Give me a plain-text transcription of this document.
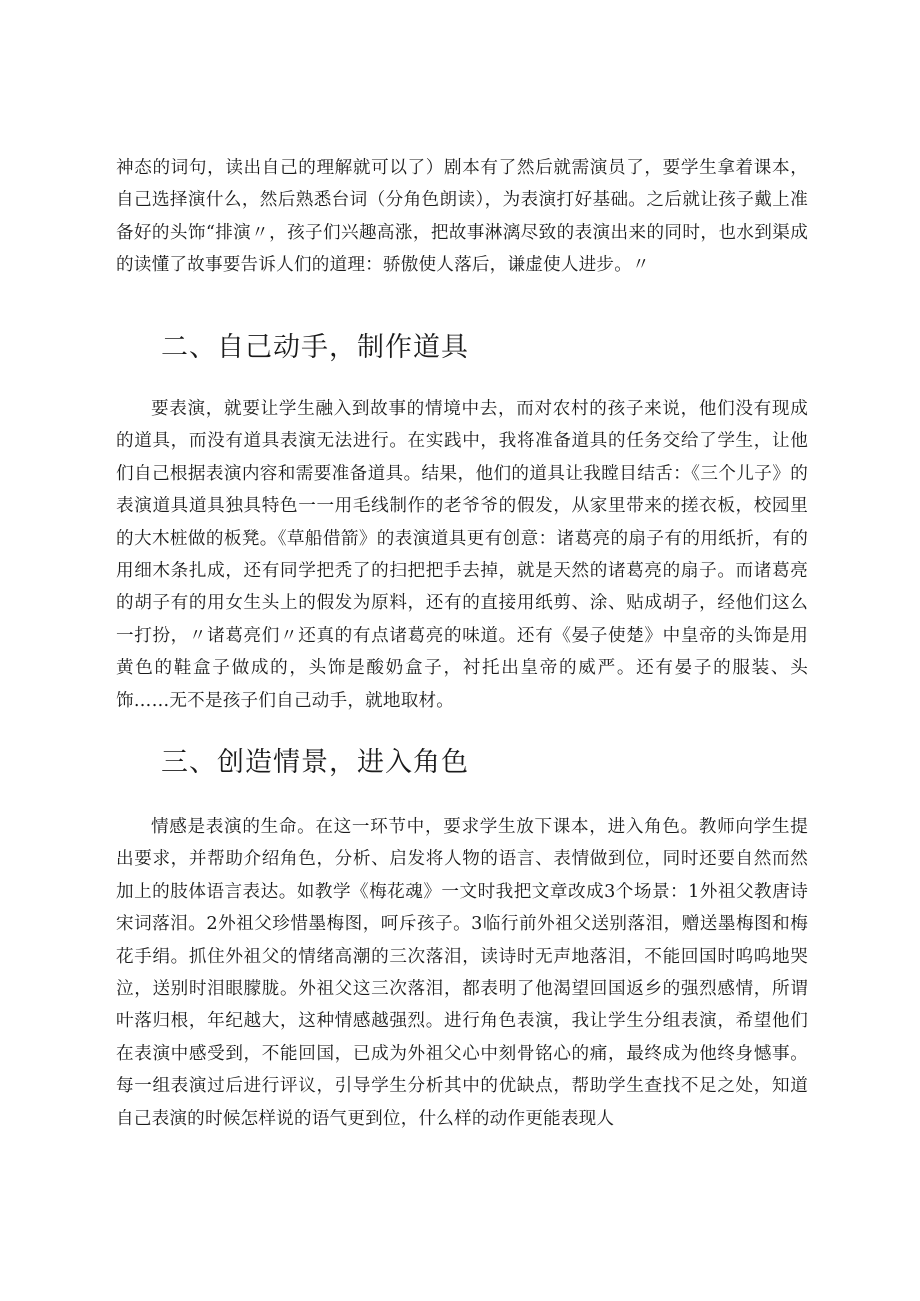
神态的词句，读出自己的理解就可以了）剧本有了然后就需演员了，要学生拿着课本，自己选择演什么，然后熟悉台词（分角色朗读），为表演打好基础。之后就让孩子戴上准备好的头饰“排演〃，孩子们兴趣高涨，把故事淋漓尽致的表演出来的同时，也水到渠成的读懂了故事要告诉人们的道理：骄傲使人落后，谦虚使人进步。〃

二、自己动手，制作道具

要表演，就要让学生融入到故事的情境中去，而对农村的孩子来说，他们没有现成的道具，而没有道具表演无法进行。在实践中，我将准备道具的任务交给了学生，让他们自己根据表演内容和需要准备道具。结果，他们的道具让我瞠目结舌：《三个儿子》的表演道具道具独具特色一一用毛线制作的老爷爷的假发，从家里带来的搓衣板，校园里的大木桩做的板凳。《草船借箭》的表演道具更有创意：诸葛亮的扇子有的用纸折，有的用细木条扎成，还有同学把秃了的扫把把手去掉，就是天然的诸葛亮的扇子。而诸葛亮的胡子有的用女生头上的假发为原料，还有的直接用纸剪、涂、贴成胡子，经他们这么一打扮，〃诸葛亮们〃还真的有点诸葛亮的味道。还有《晏子使楚》中皇帝的头饰是用黄色的鞋盒子做成的，头饰是酸奶盒子，衬托出皇帝的威严。还有晏子的服装、头饰……无不是孩子们自己动手，就地取材。

三、创造情景，进入角色

情感是表演的生命。在这一环节中，要求学生放下课本，进入角色。教师向学生提出要求，并帮助介绍角色，分析、启发将人物的语言、表情做到位，同时还要自然而然加上的肢体语言表达。如教学《梅花魂》一文时我把文章改成3个场景：1外祖父教唐诗宋词落泪。2外祖父珍惜墨梅图，呵斥孩子。3临行前外祖父送别落泪，赠送墨梅图和梅花手绢。抓住外祖父的情绪高潮的三次落泪，读诗时无声地落泪，不能回国时呜呜地哭泣，送别时泪眼朦胧。外祖父这三次落泪，都表明了他渴望回国返乡的强烈感情，所谓叶落归根，年纪越大，这种情感越强烈。进行角色表演，我让学生分组表演，希望他们在表演中感受到，不能回国，已成为外祖父心中刻骨铭心的痛，最终成为他终身憾事。每一组表演过后进行评议，引导学生分析其中的优缺点，帮助学生查找不足之处，知道自己表演的时候怎样说的语气更到位，什么样的动作更能表现人
